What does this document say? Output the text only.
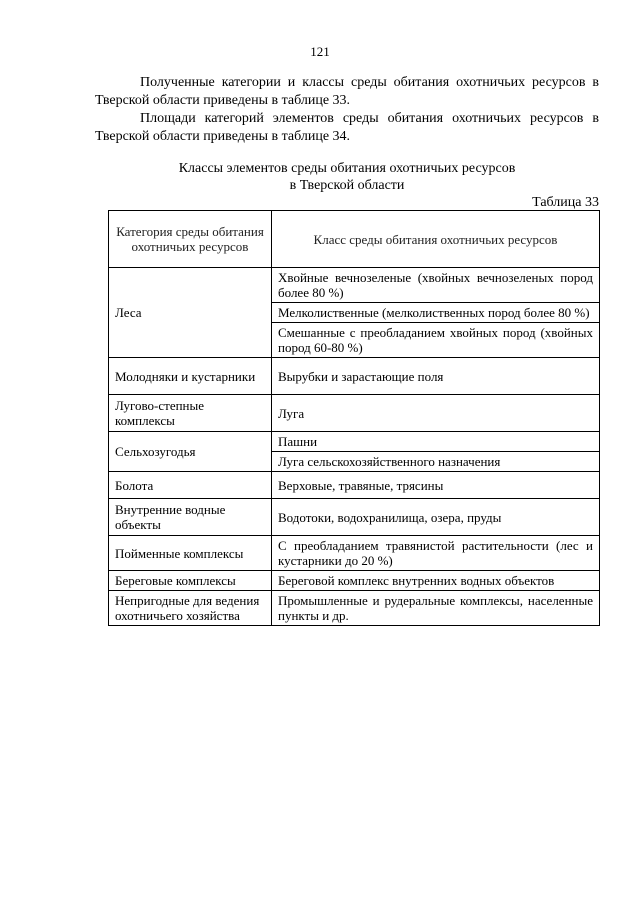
121

Полученные категории и классы среды обитания охотничьих ресурсов в Тверской области приведены в таблице 33.

Площади категорий элементов среды обитания охотничьих ресурсов в Тверской области приведены в таблице 34.

Классы элементов среды обитания охотничьих ресурсов
в Тверской области
Таблица 33
Категория среды обитания охотничьих ресурсов	Класс среды обитания охотничьих ресурсов
Леса	Хвойные вечнозеленые (хвойных вечнозеленых пород более 80 %)
	Мелколиственные (мелколиственных пород более 80 %)
	Смешанные с преобладанием хвойных пород (хвойных пород 60-80 %)
Молодняки и кустарники	Вырубки и зарастающие поля
Лугово-степные комплексы	Луга
Сельхозугодья	Пашни
	Луга сельскохозяйственного назначения
Болота	Верховые, травяные, трясины
Внутренние водные объекты	Водотоки, водохранилища, озера, пруды
Пойменные комплексы	С преобладанием травянистой растительности (лес и кустарники до 20 %)
Береговые комплексы	Береговой комплекс внутренних водных объектов
Непригодные для ведения охотничьего хозяйства	Промышленные и рудеральные комплексы, населенные пункты и др.
